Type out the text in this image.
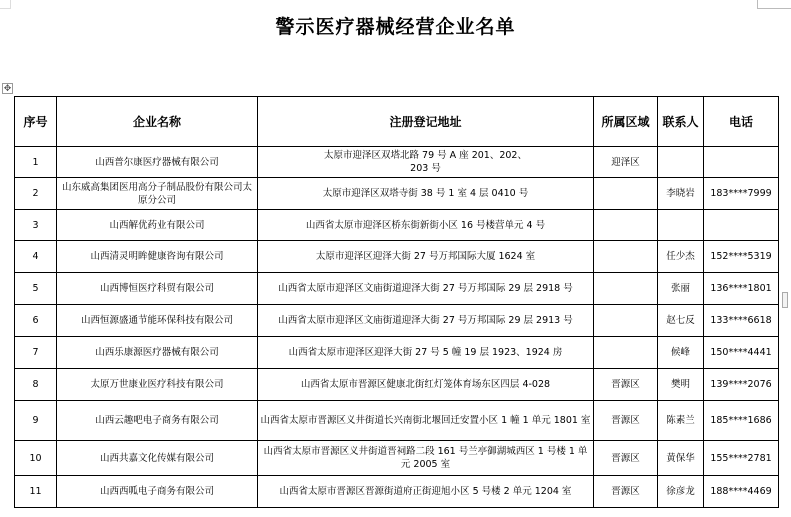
警示医疗器械经营企业名单
✥
序号	企业名称	注册登记地址	所属区域	联系人	电话
1	山西普尔康医疗器械有限公司	太原市迎泽区双塔北路 79 号 A 座 201、202、203 号	迎泽区		
2	山东威高集团医用高分子制品股份有限公司太原分公司	太原市迎泽区双塔寺街 38 号 1 室 4 层 0410 号		李晓岩	183****7999
3	山西解优药业有限公司	山西省太原市迎泽区桥东街新街小区 16 号楼营单元 4 号			
4	山西清灵明眸健康咨询有限公司	太原市迎泽区迎泽大街 27 号万邦国际大厦 1624 室		任少杰	152****5319
5	山西博恒医疗科贸有限公司	山西省太原市迎泽区文庙街道迎泽大街 27 号万邦国际 29 层 2918 号		张丽	136****1801
6	山西恒源盛通节能环保科技有限公司	山西省太原市迎泽区文庙街道迎泽大街 27 号万邦国际 29 层 2913 号		赵七反	133****6618
7	山西乐康源医疗器械有限公司	山西省太原市迎泽区迎泽大街 27 号 5 幢 19 层 1923、1924 房		候峰	150****4441
8	太原万世康业医疗科技有限公司	山西省太原市晋源区健康北街红灯笼体育场东区四层 4-028	晋源区	樊明	139****2076
9	山西云趣吧电子商务有限公司	山西省太原市晋源区义井街道长兴南街北堰回迁安置小区 1 幢 1 单元 1801 室	晋源区	陈素兰	185****1686
10	山西共嘉文化传媒有限公司	山西省太原市晋源区义井街道晋祠路二段 161 号兰亭御湖城西区 1 号楼 1 单元 2005 室	晋源区	黄保华	155****2781
11	山西西呱电子商务有限公司	山西省太原市晋源区晋源街道府正街迎旭小区 5 号楼 2 单元 1204 室	晋源区	徐彦龙	188****4469
